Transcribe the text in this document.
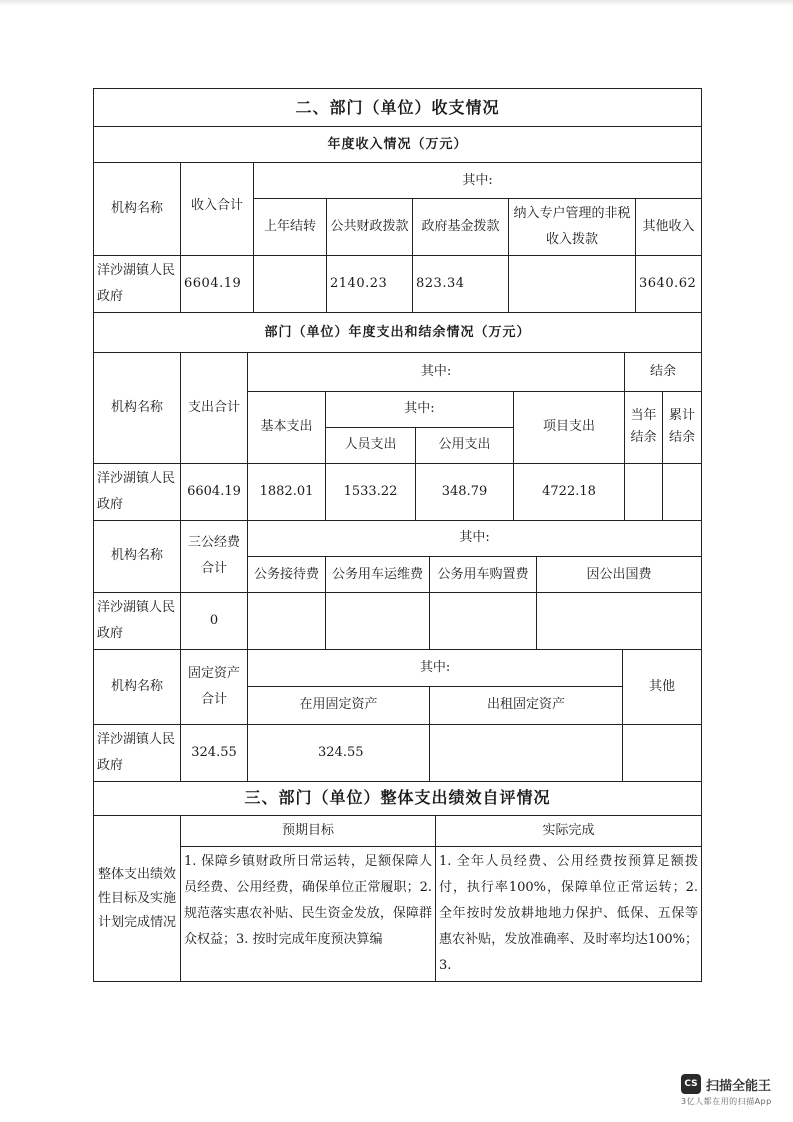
二、部门（单位）收支情况						
年度收入情况（万元）						
机构名称	收入合计	其中:				
		上年结转	公共财政拨款	政府基金拨款	纳入专户管理的非税收入拨款	其他收入
洋沙湖镇人民政府	6604.19		2140.23	823.34		3640.62
部门（单位）年度支出和结余情况（万元）						
机构名称	支出合计	其中:				结余	
		基本支出	其中:		项目支出	当年结余	累计结余
			人员支出	公用支出			
洋沙湖镇人民政府	6604.19	1882.01	1533.22	348.79	4722.18		
机构名称	三公经费合计	其中:			
		公务接待费	公务用车运维费	公务用车购置费	因公出国费
洋沙湖镇人民政府	0				
机构名称	固定资产合计	其中:		其他
		在用固定资产	出租固定资产	
洋沙湖镇人民政府	324.55	324.55		
三、部门（单位）整体支出绩效自评情况		
整体支出绩效性目标及实施计划完成情况	预期目标	实际完成
	1. 保障乡镇财政所日常运转，足额保障人员经费、公用经费，确保单位正常履职；2. 规范落实惠农补贴、民生资金发放，保障群众权益；3. 按时完成年度预决算编	1. 全年人员经费、公用经费按预算足额拨付，执行率100%，保障单位正常运转；2. 全年按时发放耕地地力保护、低保、五保等惠农补贴，发放准确率、及时率均达100%；3.
CS 扫描全能王
3亿人都在用的扫描App
